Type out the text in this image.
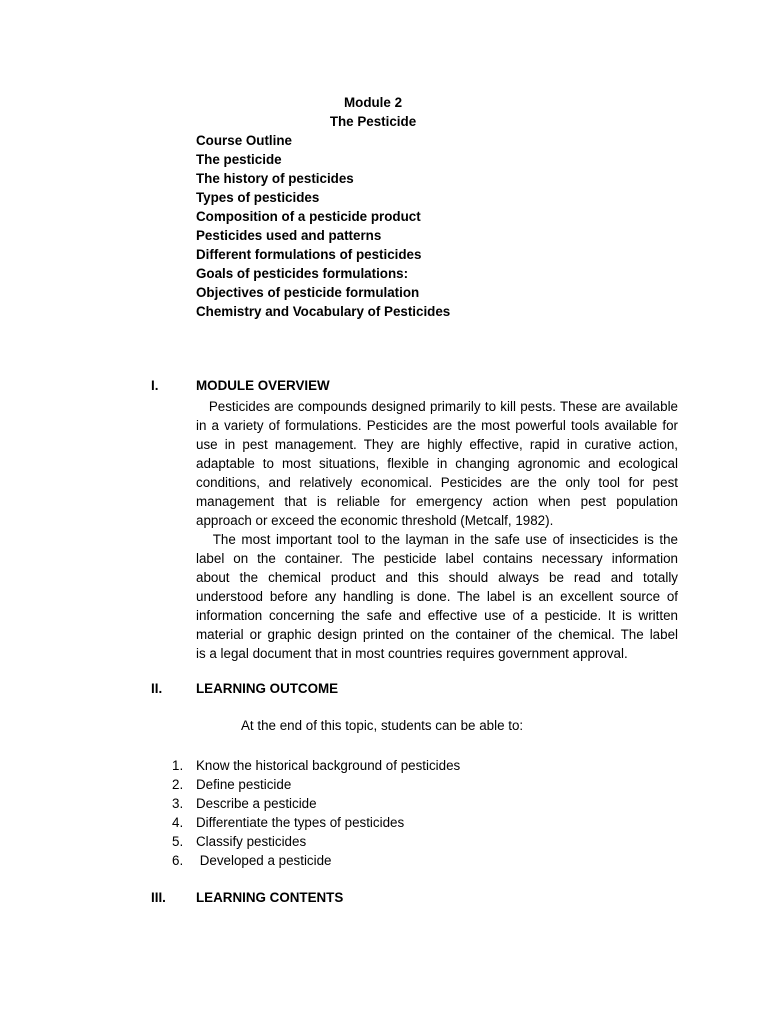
Module 2
The Pesticide
Course Outline
The pesticide
The history of pesticides
Types of pesticides
Composition of a pesticide product
Pesticides used and patterns
Different formulations of pesticides
Goals of pesticides formulations:
Objectives of pesticide formulation
Chemistry and Vocabulary of Pesticides
I.	MODULE OVERVIEW
Pesticides are compounds designed primarily to kill pests. These are available
in a variety of formulations. Pesticides are the most powerful tools available for
use in pest management. They are highly effective, rapid in curative action,
adaptable to most situations, flexible in changing agronomic and ecological
conditions, and relatively economical. Pesticides are the only tool for pest
management that is reliable for emergency action when pest population
approach or exceed the economic threshold (Metcalf, 1982).
The most important tool to the layman in the safe use of insecticides is the
label on the container. The pesticide label contains necessary information
about the chemical product and this should always be read and totally
understood before any handling is done. The label is an excellent source of
information concerning the safe and effective use of a pesticide. It is written
material or graphic design printed on the container of the chemical. The label
is a legal document that in most countries requires government approval.
II.	LEARNING OUTCOME
At the end of this topic, students can be able to:
1. Know the historical background of pesticides
2. Define pesticide
3. Describe a pesticide
4. Differentiate the types of pesticides
5. Classify pesticides
6. Developed a pesticide
III. LEARNING CONTENTS
